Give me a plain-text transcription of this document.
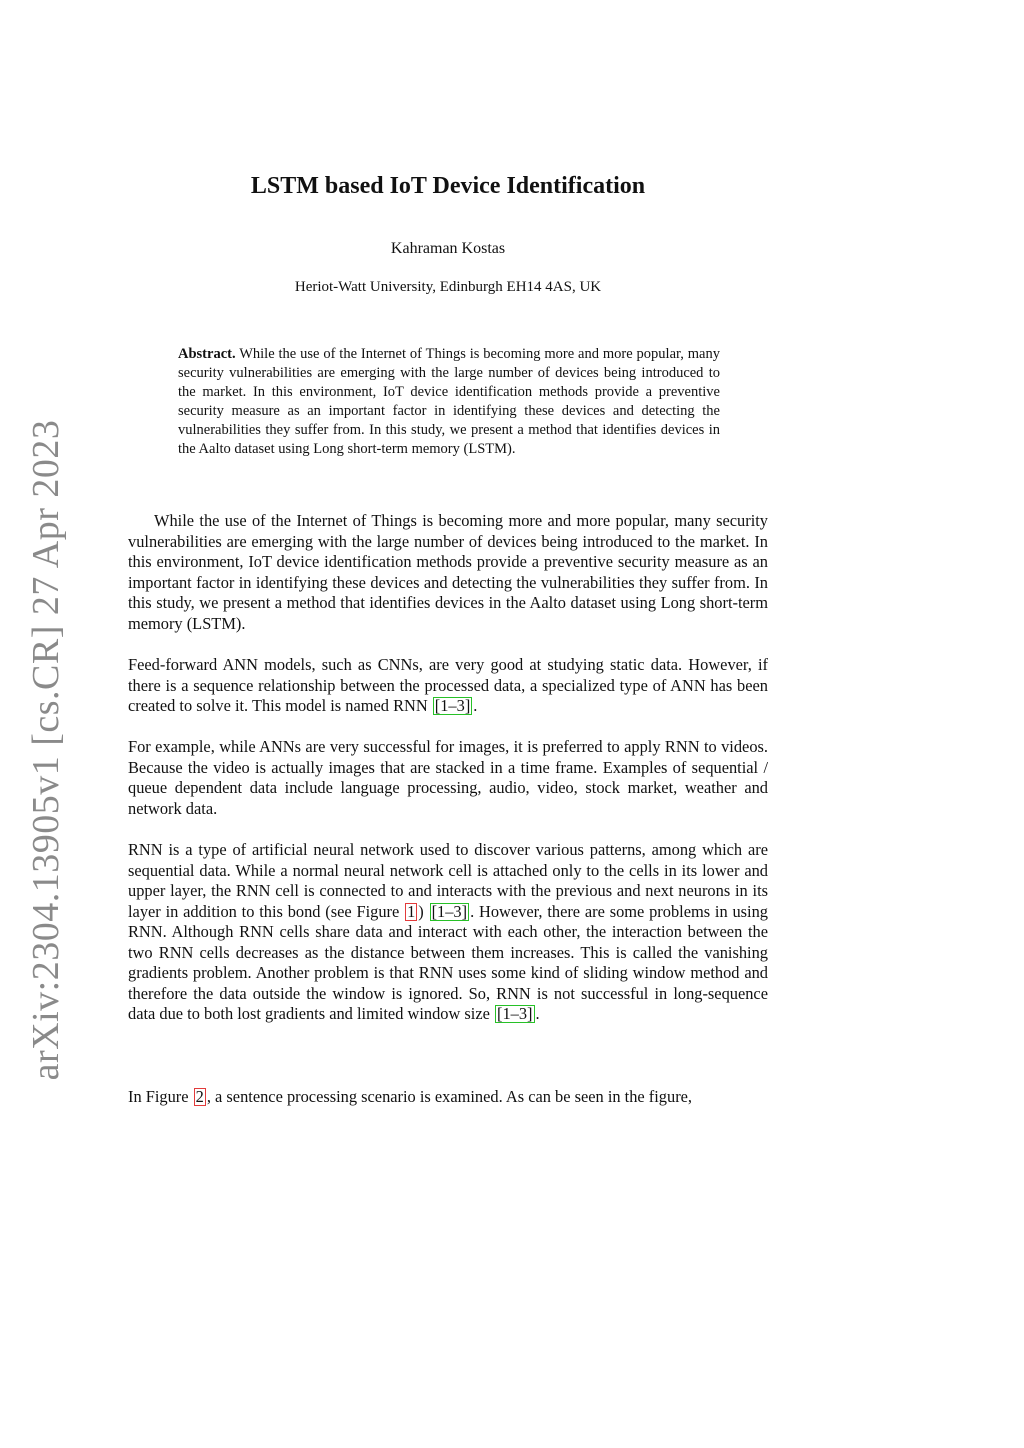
arXiv:2304.13905v1 [cs.CR] 27 Apr 2023
LSTM based IoT Device Identification
Kahraman Kostas
Heriot-Watt University, Edinburgh EH14 4AS, UK
Abstract. While the use of the Internet of Things is becoming more and more popular, many security vulnerabilities are emerging with the large number of devices being introduced to the market. In this environment, IoT device identification methods provide a preventive security measure as an important factor in identifying these devices and detecting the vulnerabilities they suffer from. In this study, we present a method that identifies devices in the Aalto dataset using Long short-term memory (LSTM).
While the use of the Internet of Things is becoming more and more popular, many security vulnerabilities are emerging with the large number of devices being introduced to the market. In this environment, IoT device identification methods provide a preventive security measure as an important factor in identifying these devices and detecting the vulnerabilities they suffer from. In this study, we present a method that identifies devices in the Aalto dataset using Long short-term memory (LSTM).
Feed-forward ANN models, such as CNNs, are very good at studying static data. However, if there is a sequence relationship between the processed data, a specialized type of ANN has been created to solve it. This model is named RNN [1–3] .
For example, while ANNs are very successful for images, it is preferred to apply RNN to videos. Because the video is actually images that are stacked in a time frame. Examples of sequential / queue dependent data include language processing, audio, video, stock market, weather and network data.
RNN is a type of artificial neural network used to discover various patterns, among which are sequential data. While a normal neural network cell is attached only to the cells in its lower and upper layer, the RNN cell is connected to and interacts with the previous and next neurons in its layer in addition to this bond (see Figure 1 ) [1–3] . However, there are some problems in using RNN. Although RNN cells share data and interact with each other, the interaction between the two RNN cells decreases as the distance between them increases. This is called the vanishing gradients problem. Another problem is that RNN uses some kind of sliding window method and therefore the data outside the window is ignored. So, RNN is not successful in long-sequence data due to both lost gradients and limited window size [1–3] .
In Figure 2 , a sentence processing scenario is examined. As can be seen in the figure,
